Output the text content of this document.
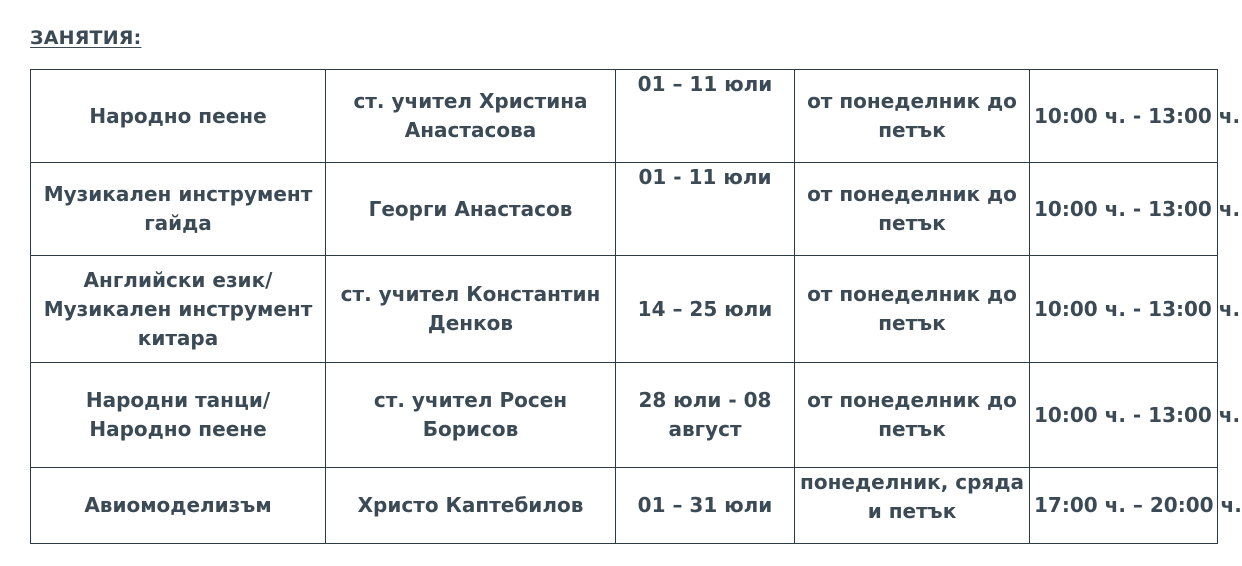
ЗАНЯТИЯ:
Народно пеене	ст. учител Христина Анастасова	01 – 11 юли	от понеделник до петък	10:00 ч. - 13:00 ч.
Музикален инструмент гайда	Георги Анастасов	01 - 11 юли	от понеделник до петък	10:00 ч. - 13:00 ч.
Английски език/ Музикален инструмент китара	ст. учител Константин Денков	14 – 25 юли	от понеделник до петък	10:00 ч. - 13:00 ч.
Народни танци/Народно пеене	ст. учител Росен Борисов	28 юли - 08 август	от понеделник до петък	10:00 ч. - 13:00 ч.
Авиомоделизъм	Христо Каптебилов	01 – 31 юли	понеделник, сряда и петък	17:00 ч. – 20:00 ч.
